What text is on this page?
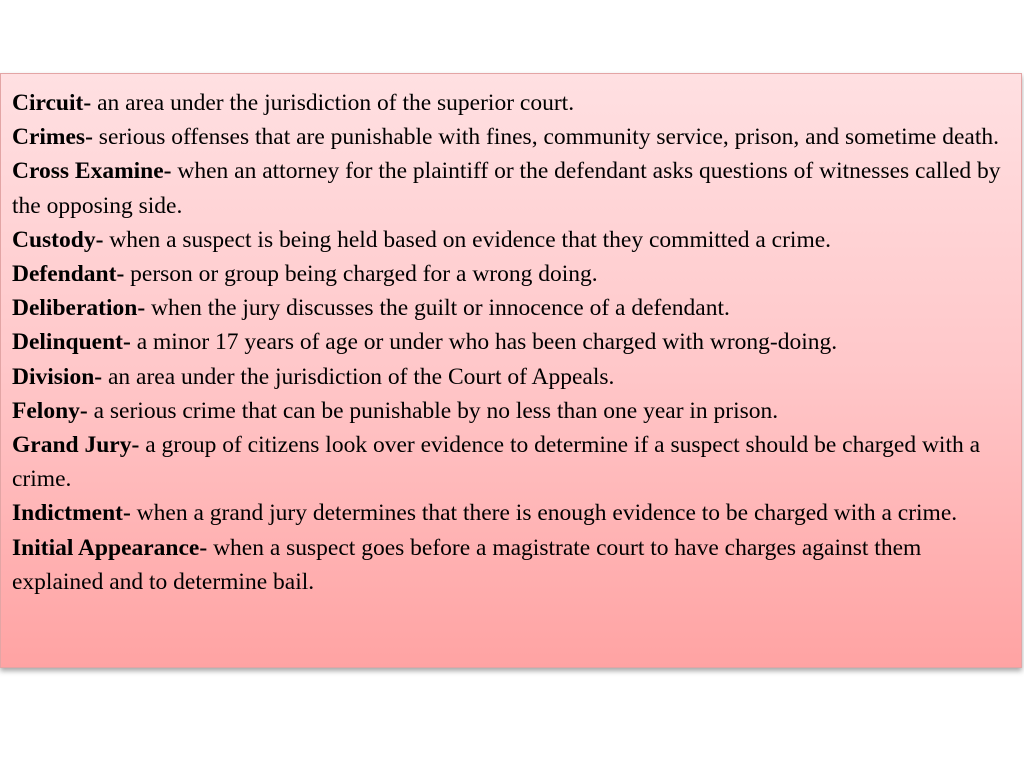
Circuit- an area under the jurisdiction of the superior court.

Crimes- serious offenses that are punishable with fines, community service, prison, and sometime death.

Cross Examine- when an attorney for the plaintiff or the defendant asks questions of witnesses called by the opposing side.

Custody- when a suspect is being held based on evidence that they committed a crime.

Defendant- person or group being charged for a wrong doing.

Deliberation- when the jury discusses the guilt or innocence of a defendant.

Delinquent- a minor 17 years of age or under who has been charged with wrong-doing.

Division- an area under the jurisdiction of the Court of Appeals.

Felony- a serious crime that can be punishable by no less than one year in prison.

Grand Jury- a group of citizens look over evidence to determine if a suspect should be charged with a crime.

Indictment- when a grand jury determines that there is enough evidence to be charged with a crime.

Initial Appearance- when a suspect goes before a magistrate court to have charges against them explained and to determine bail.
